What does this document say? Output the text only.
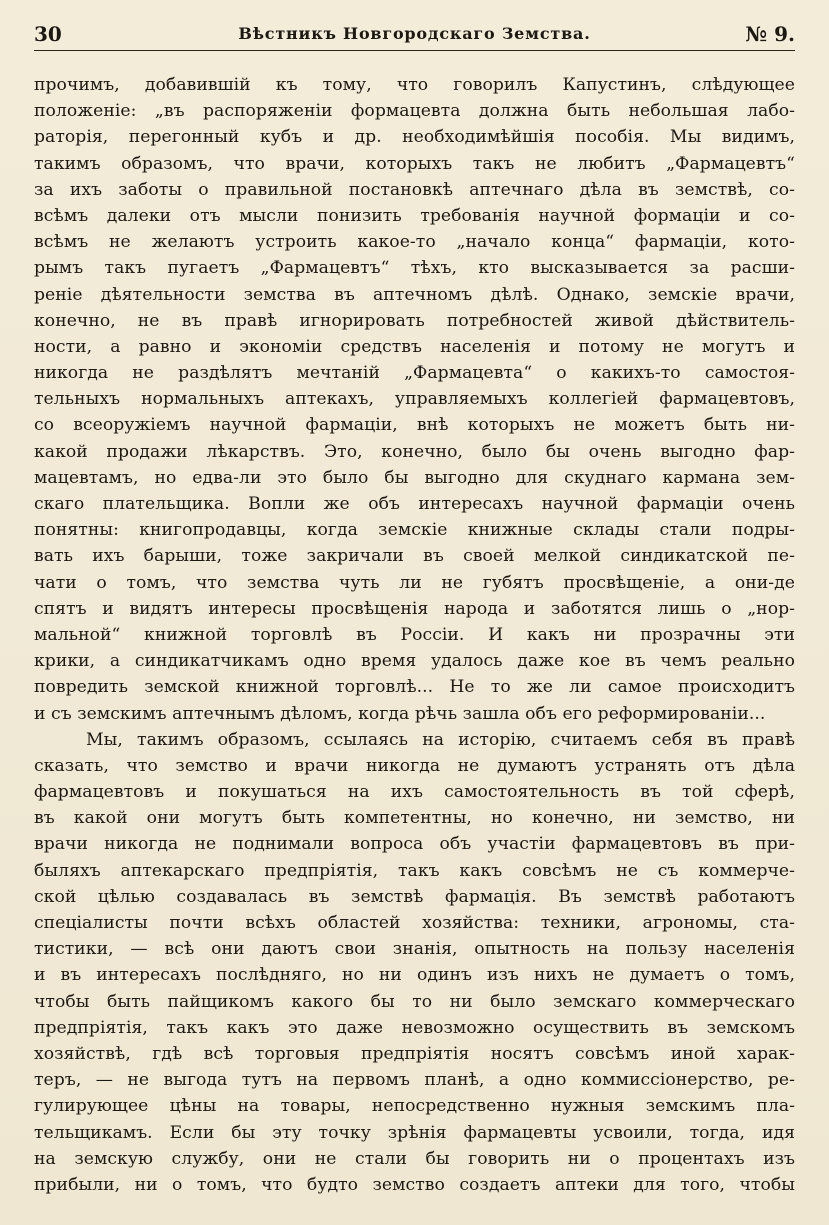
30	Вѣстникъ Новгородскаго Земства.	№ 9.
прочимъ, добавившій къ тому, что говорилъ Капустинъ, слѣдующее
положеніе: „въ распоряженіи формацевта должна быть небольшая лабо-
раторія, перегонный кубъ и др. необходимѣйшія пособія. Мы видимъ,
такимъ образомъ, что врачи, которыхъ такъ не любитъ „Фармацевтъ“
за ихъ заботы о правильной постановкѣ аптечнаго дѣла въ земствѣ, со-
всѣмъ далеки отъ мысли понизить требованія научной формаціи и со-
всѣмъ не желаютъ устроить какое-то „начало конца“ фармаціи, кото-
рымъ такъ пугаетъ „Фармацевтъ“ тѣхъ, кто высказывается за расши-
реніе дѣятельности земства въ аптечномъ дѣлѣ. Однако, земскіе врачи,
конечно, не въ правѣ игнорировать потребностей живой дѣйствитель-
ности, а равно и экономіи средствъ населенія и потому не могутъ и
никогда не раздѣлятъ мечтаній „Фармацевта“ о какихъ-то самостоя-
тельныхъ нормальныхъ аптекахъ, управляемыхъ коллегіей фармацевтовъ,
со всеоружіемъ научной фармаціи, внѣ которыхъ не можетъ быть ни-
какой продажи лѣкарствъ. Это, конечно, было бы очень выгодно фар-
мацевтамъ, но едва-ли это было бы выгодно для скуднаго кармана зем-
скаго плательщика. Вопли же объ интересахъ научной фармаціи очень
понятны: книгопродавцы, когда земскіе книжные склады стали подры-
вать ихъ барыши, тоже закричали въ своей мелкой синдикатской пе-
чати о томъ, что земства чуть ли не губятъ просвѣщеніе, а они-де
спятъ и видятъ интересы просвѣщенія народа и заботятся лишь о „нор-
мальной“ книжной торговлѣ въ Россіи. И какъ ни прозрачны эти
крики, а синдикатчикамъ одно время удалось даже кое въ чемъ реально
повредить земской книжной торговлѣ... Не то же ли самое происходитъ
и съ земскимъ аптечнымъ дѣломъ, когда рѣчь зашла объ его реформированіи...
Мы, такимъ образомъ, ссылаясь на исторію, считаемъ себя въ правѣ
сказать, что земство и врачи никогда не думаютъ устранять отъ дѣла
фармацевтовъ и покушаться на ихъ самостоятельность въ той сферѣ,
въ какой они могутъ быть компетентны, но конечно, ни земство, ни
врачи никогда не поднимали вопроса объ участіи фармацевтовъ въ при-
быляхъ аптекарскаго предпріятія, такъ какъ совсѣмъ не съ коммерче-
ской цѣлью создавалась въ земствѣ фармація. Въ земствѣ работаютъ
спеціалисты почти всѣхъ областей хозяйства: техники, агрономы, ста-
тистики, — всѣ они даютъ свои знанія, опытность на пользу населенія
и въ интересахъ послѣдняго, но ни одинъ изъ нихъ не думаетъ о томъ,
чтобы быть пайщикомъ какого бы то ни было земскаго коммерческаго
предпріятія, такъ какъ это даже невозможно осуществить въ земскомъ
хозяйствѣ, гдѣ всѣ торговыя предпріятія носятъ совсѣмъ иной харак-
теръ, — не выгода тутъ на первомъ планѣ, а одно коммиссіонерство, ре-
гулирующее цѣны на товары, непосредственно нужныя земскимъ пла-
тельщикамъ. Если бы эту точку зрѣнія фармацевты усвоили, тогда, идя
на земскую службу, они не стали бы говорить ни о процентахъ изъ
прибыли, ни о томъ, что будто земство создаетъ аптеки для того, чтобы
